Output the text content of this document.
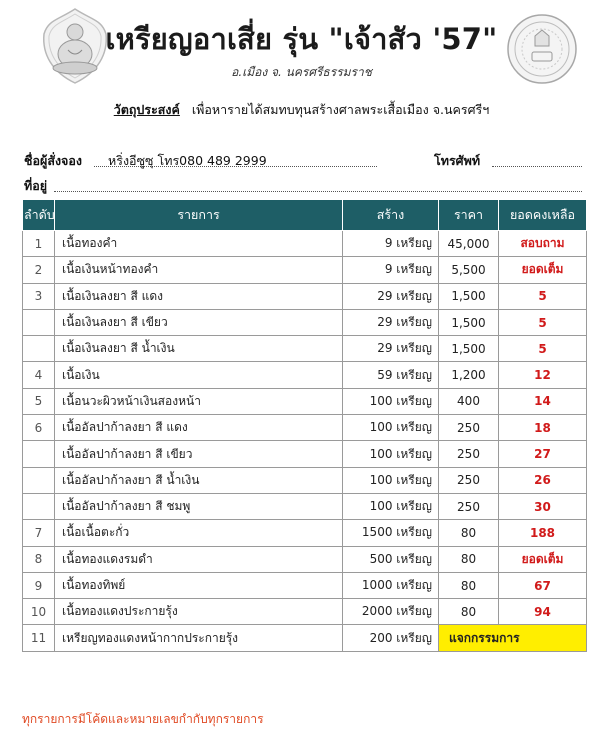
เหรียญอาเสี่ย รุ่น "เจ้าสัว '57"
อ.เมือง จ. นครศรีธรรมราช
วัตถุประสงค์ เพื่อหารายได้สมทบทุนสร้างศาลพระเสื้อเมือง จ.นครศรีฯ
ชื่อผู้สั่งจอง หริ่งอีซูซุ โทร080 489 2999	โทรศัพท์
ที่อยู่
ลำดับ	รายการ	สร้าง	ราคา	ยอดคงเหลือ
1	เนื้อทองคำ	9 เหรียญ	45,000	สอบถาม
2	เนื้อเงินหน้าทองคำ	9 เหรียญ	5,500	ยอดเต็ม
3	เนื้อเงินลงยา สี แดง	29 เหรียญ	1,500	5
	เนื้อเงินลงยา สี เขียว	29 เหรียญ	1,500	5
	เนื้อเงินลงยา สี น้ำเงิน	29 เหรียญ	1,500	5
4	เนื้อเงิน	59 เหรียญ	1,200	12
5	เนื้อนวะผิวหน้าเงินสองหน้า	100 เหรียญ	400	14
6	เนื้ออัลปาก้าลงยา สี แดง	100 เหรียญ	250	18
	เนื้ออัลปาก้าลงยา สี เขียว	100 เหรียญ	250	27
	เนื้ออัลปาก้าลงยา สี น้ำเงิน	100 เหรียญ	250	26
	เนื้ออัลปาก้าลงยา สี ชมพู	100 เหรียญ	250	30
7	เนื้อเนื้อตะกั่ว	1500 เหรียญ	80	188
8	เนื้อทองแดงรมดำ	500 เหรียญ	80	ยอดเต็ม
9	เนื้อทองทิพย์	1000 เหรียญ	80	67
10	เนื้อทองแดงประกายรุ้ง	2000 เหรียญ	80	94
11	เหรียญทองแดงหน้ากากประกายรุ้ง	200 เหรียญ	แจกกรรมการ	
ทุกรายการมีโค้ดและหมายเลขกำกับทุกรายการ
